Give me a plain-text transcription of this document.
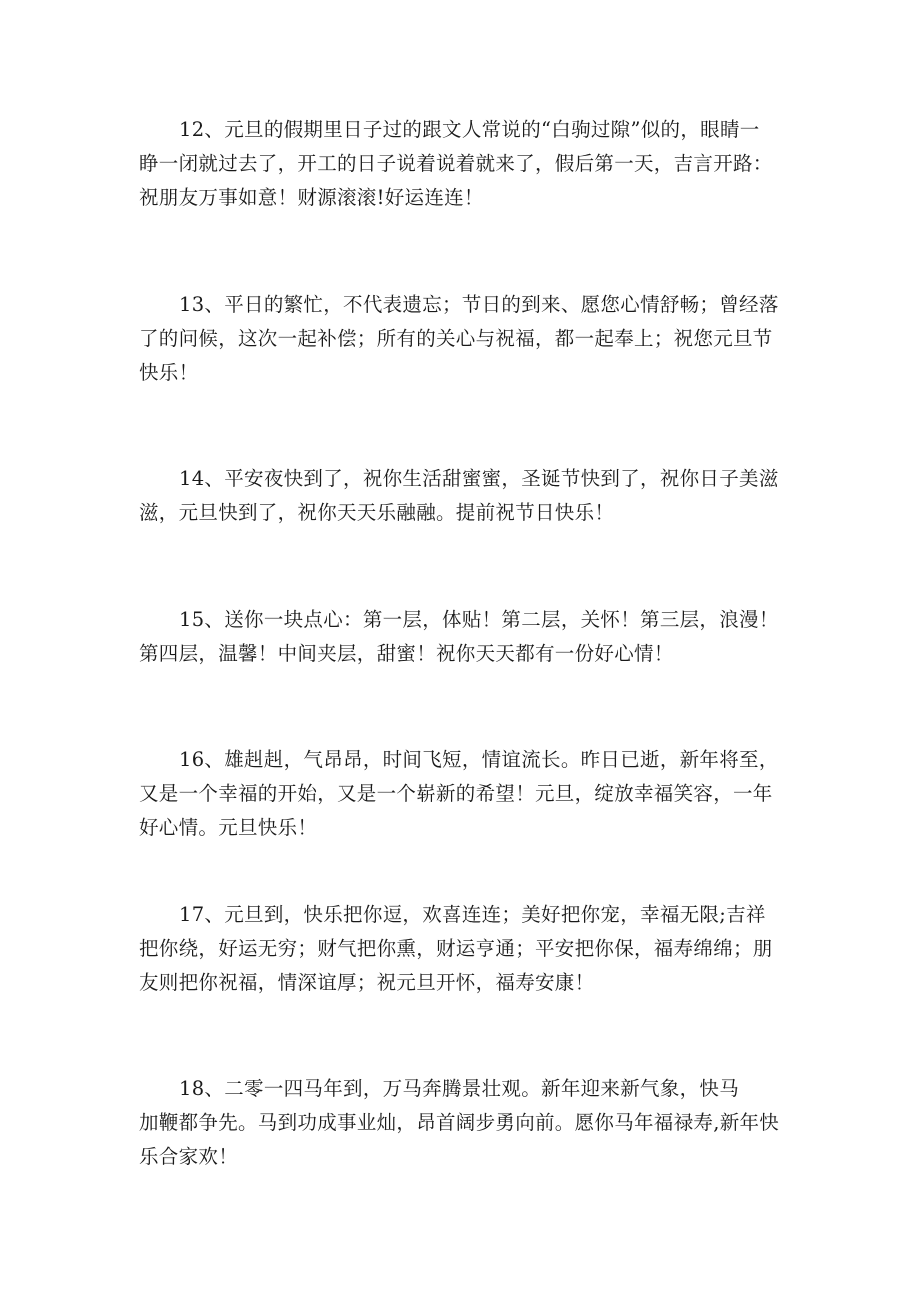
12、元旦的假期里日子过的跟文人常说的“白驹过隙”似的，眼睛一
睁一闭就过去了，开工的日子说着说着就来了，假后第一天，吉言开路：
祝朋友万事如意！财源滚滚!好运连连！

13、平日的繁忙，不代表遗忘；节日的到来、愿您心情舒畅；曾经落
了的问候，这次一起补偿；所有的关心与祝福，都一起奉上；祝您元旦节
快乐！

14、平安夜快到了，祝你生活甜蜜蜜，圣诞节快到了，祝你日子美滋
滋，元旦快到了，祝你天天乐融融。提前祝节日快乐！

15、送你一块点心：第一层，体贴！第二层，关怀！第三层，浪漫！
第四层，温馨！中间夹层，甜蜜！祝你天天都有一份好心情！

16、雄赳赳，气昂昂，时间飞短，情谊流长。昨日已逝，新年将至，
又是一个幸福的开始，又是一个崭新的希望！元旦，绽放幸福笑容，一年
好心情。元旦快乐！

17、元旦到，快乐把你逗，欢喜连连；美好把你宠，幸福无限;吉祥
把你绕，好运无穷；财气把你熏，财运亨通；平安把你保，福寿绵绵；朋
友则把你祝福，情深谊厚；祝元旦开怀，福寿安康！

18、二零一四马年到，万马奔腾景壮观。新年迎来新气象，快马
加鞭都争先。马到功成事业灿，昂首阔步勇向前。愿你马年福禄寿,新年快
乐合家欢！
